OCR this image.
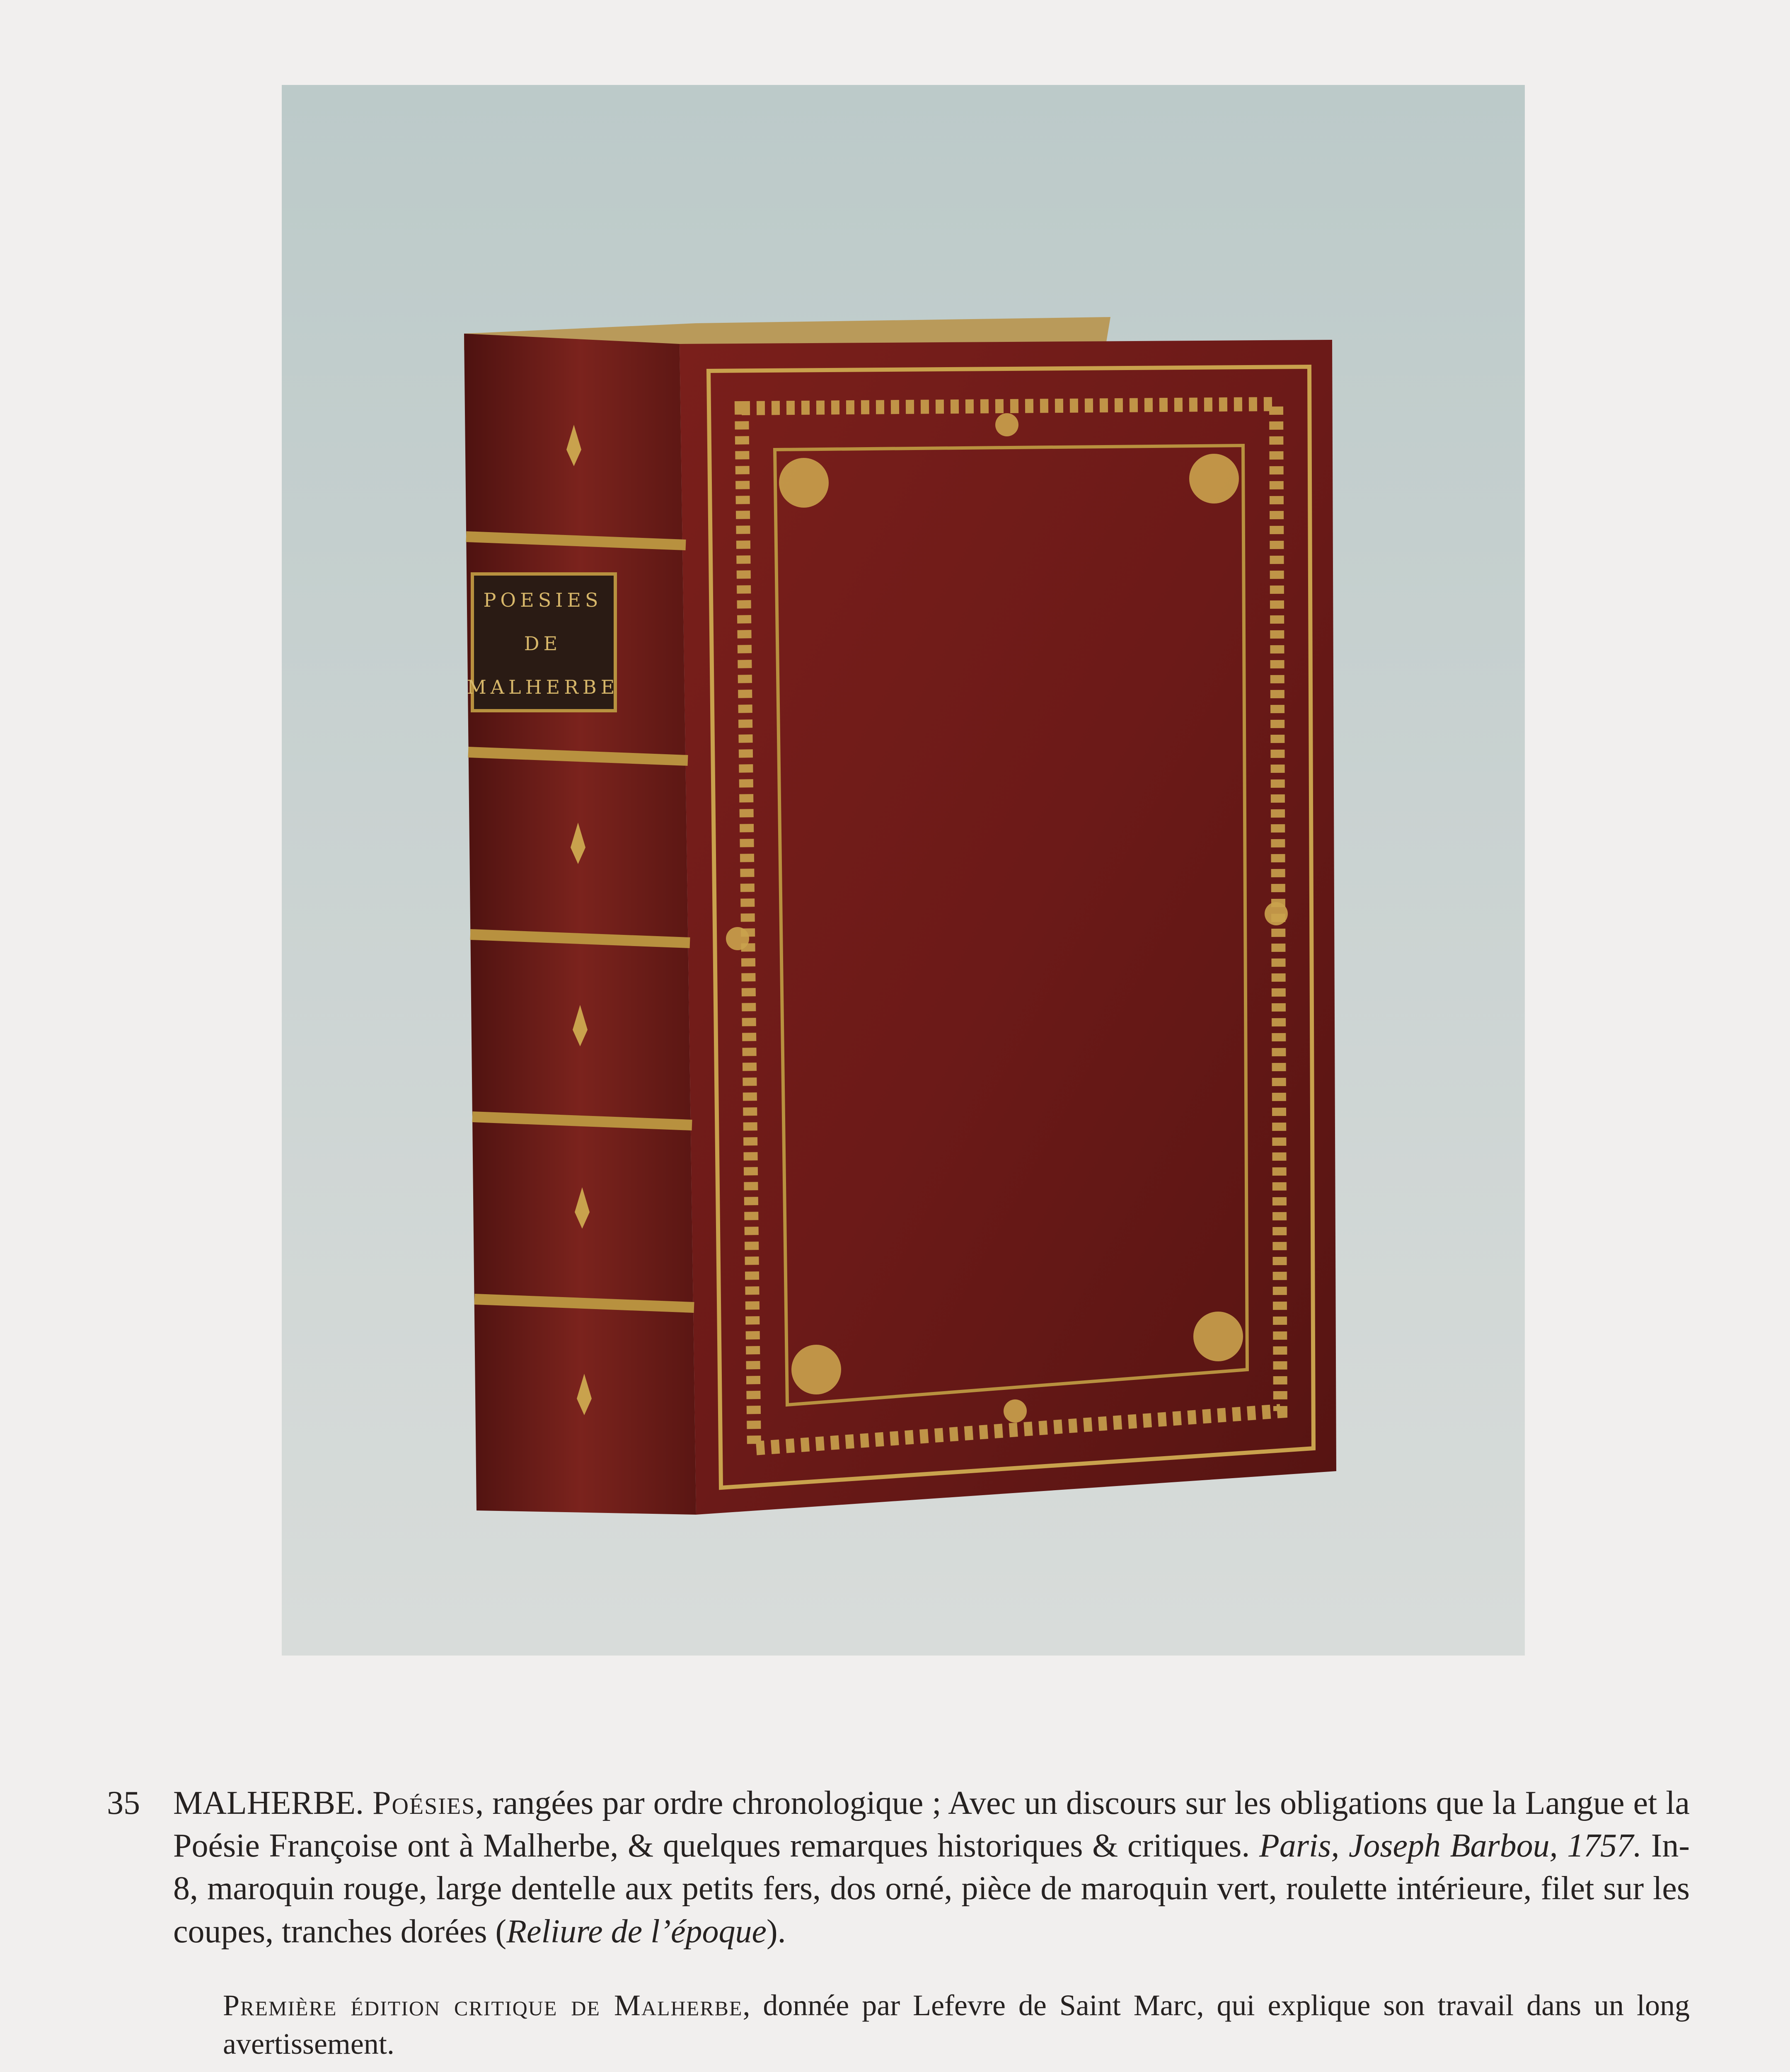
POESIES
DE
MALHERBE
35 MALHERBE. Poésies, rangées par ordre chronologique ; Avec un discours sur les obligations que la Langue et la Poésie Françoise ont à Malherbe, & quelques remarques historiques & critiques. Paris, Joseph Barbou, 1757. In-8, maroquin rouge, large dentelle aux petits fers, dos orné, pièce de maroquin vert, roulette intérieure, filet sur les coupes, tranches dorées (Reliure de l’époque).

Première édition critique de Malherbe, donnée par Lefevre de Saint Marc, qui explique son travail dans un long avertissement.
